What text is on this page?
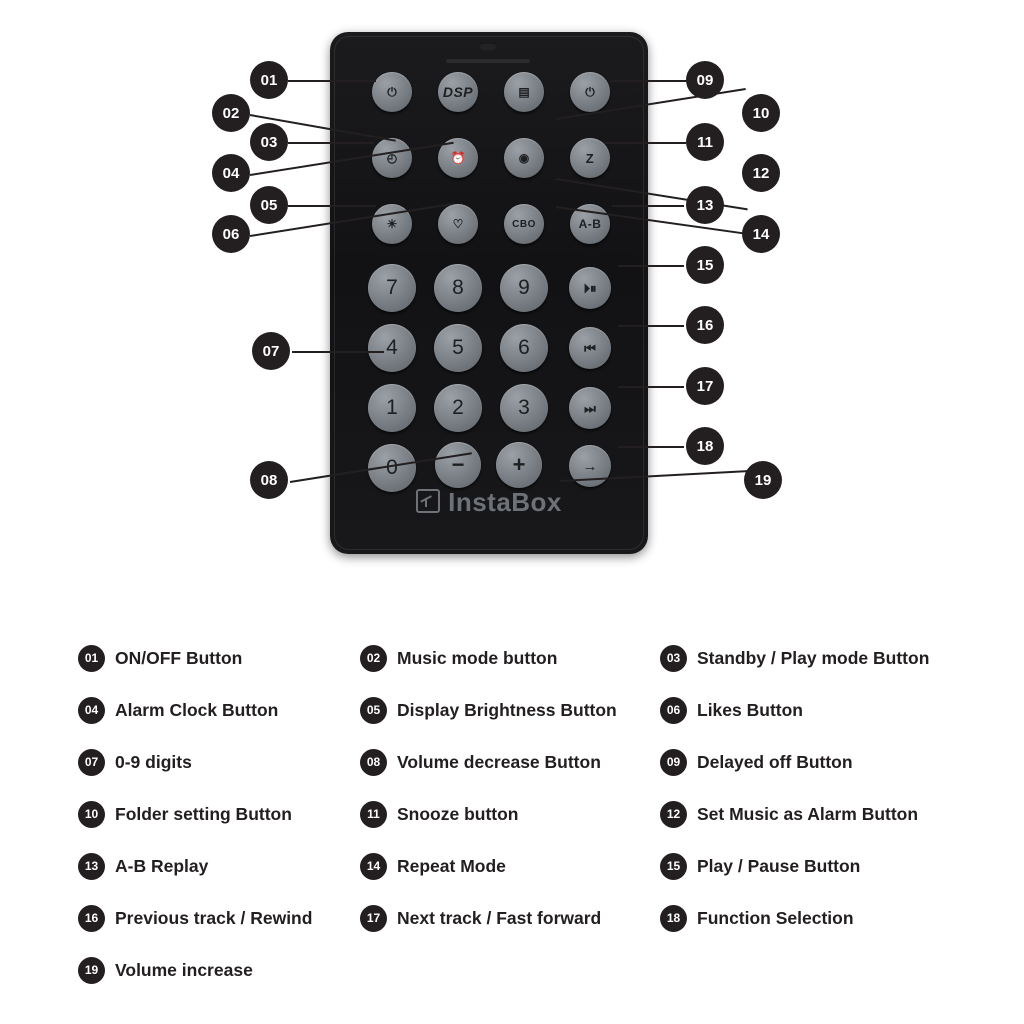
⏻	DSP	▤	⏻
◴	⏰	◉	Z
☀	♡	CBO	A-B
7	8	9	⏵⏸
4	5	6	⏮
1	2	3	⏭
0 − +	→
InstaBox
01
02
03
04
05
06
07
08
09
10
11
12
13
14
15
16
17
18
19
01 ON/OFF Button	02 Music mode button	03 Standby / Play mode Button
04 Alarm Clock Button	05 Display Brightness Button	06 Likes Button
07 0-9 digits	08 Volume decrease Button	09 Delayed off Button
10 Folder setting Button	11 Snooze button	12 Set Music as Alarm Button
13 A-B Replay	14 Repeat Mode	15 Play / Pause Button
16 Previous track / Rewind	17 Next track / Fast forward	18 Function Selection
19 Volume increase
